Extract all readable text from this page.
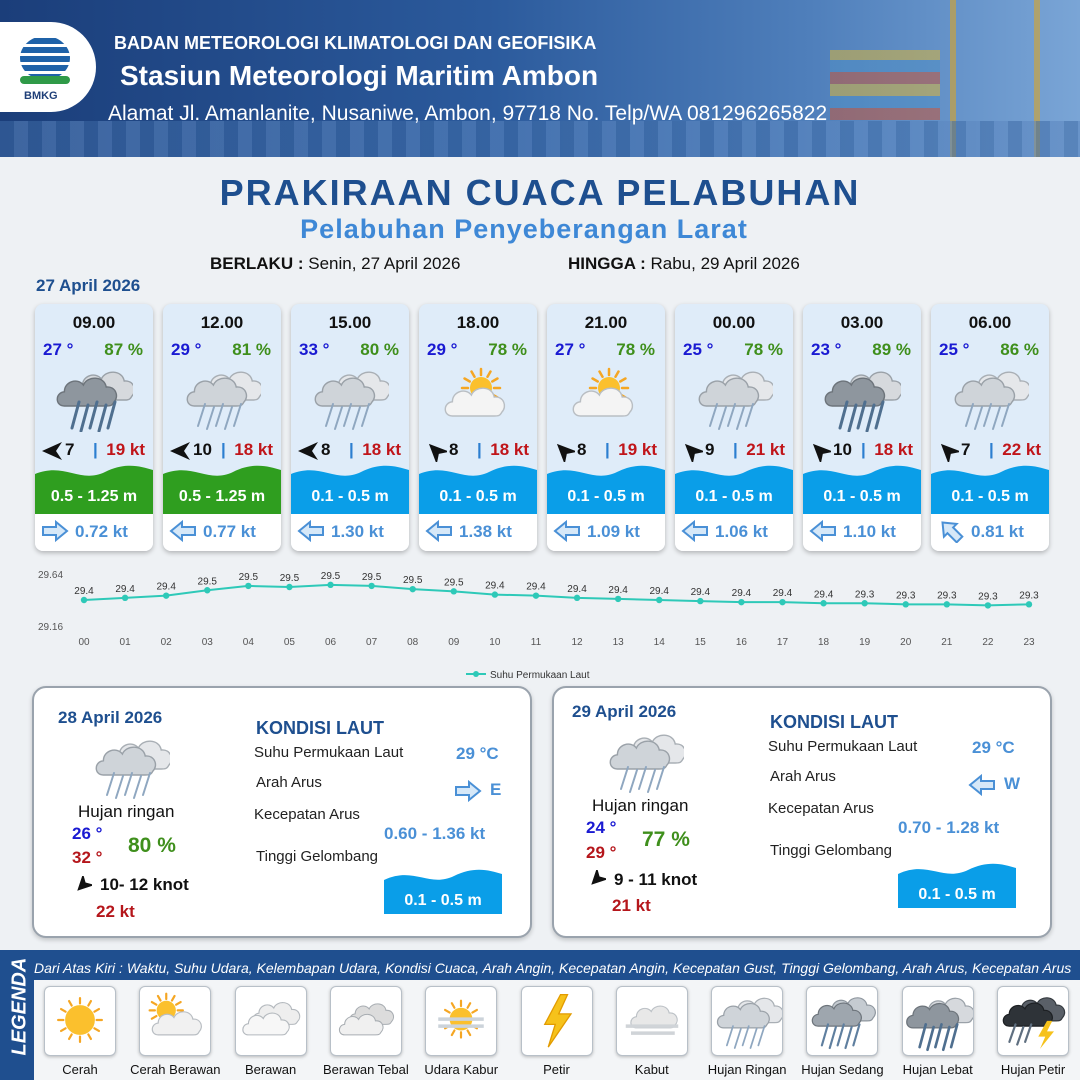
BMKG
BADAN METEOROLOGI KLIMATOLOGI DAN GEOFISIKA
Stasiun Meteorologi Maritim Ambon
Alamat Jl. Amanlanite, Nusaniwe, Ambon, 97718 No. Telp/WA 081296265822
PRAKIRAAN CUACA PELABUHAN
Pelabuhan Penyeberangan Larat
BERLAKU : Senin, 27 April 2026	HINGGA : Rabu, 29 April 2026
27 April 2026
09.00
27 ° 87 %
7 | 19 kt
0.5 - 1.25 m
0.72 kt
12.00
29 ° 81 %
10 | 18 kt
0.5 - 1.25 m
0.77 kt
15.00
33 ° 80 %
8 | 18 kt
0.1 - 0.5 m
1.30 kt
18.00
29 ° 78 %
8 | 18 kt
0.1 - 0.5 m
1.38 kt
21.00
27 ° 78 %
8 | 19 kt
0.1 - 0.5 m
1.09 kt
00.00
25 ° 78 %
9 | 21 kt
0.1 - 0.5 m
1.06 kt
03.00
23 ° 89 %
10 | 18 kt
0.1 - 0.5 m
1.10 kt
06.00
25 ° 86 %
7 | 22 kt
0.1 - 0.5 m
0.81 kt
29.64
29.16
29.4
00
29.4
01
29.4
02
29.5
03
29.5
04
29.5
05
29.5
06
29.5
07
29.5
08
29.5
09
29.4
10
29.4
11
29.4
12
29.4
13
29.4
14
29.4
15
29.4
16
29.4
17
29.4
18
29.3
19
29.3
20
29.3
21
29.3
22
29.3
23
Suhu Permukaan Laut
28 April 2026
Hujan ringan
26 °
32 °
80 %
10- 12 knot
22 kt
KONDISI LAUT
Suhu Permukaan Laut	29 °C
Arah Arus	E
Kecepatan Arus
0.60 - 1.36 kt
Tinggi Gelombang
0.1 - 0.5 m
29 April 2026
Hujan ringan
24 °
29 °
77 %
9 - 11 knot
21 kt
KONDISI LAUT
Suhu Permukaan Laut	29 °C
Arah Arus	W
Kecepatan Arus
0.70 - 1.28 kt
Tinggi Gelombang
0.1 - 0.5 m
LEGENDA Dari Atas Kiri : Waktu, Suhu Udara, Kelembapan Udara, Kondisi Cuaca, Arah Angin, Kecepatan Angin, Kecepatan Gust, Tinggi Gelombang, Arah Arus, Kecepatan Arus
Cerah	Cerah Berawan	Berawan	Berawan Tebal	Udara Kabur	Petir	Kabut	Hujan Ringan	Hujan Sedang	Hujan Lebat	Hujan Petir
